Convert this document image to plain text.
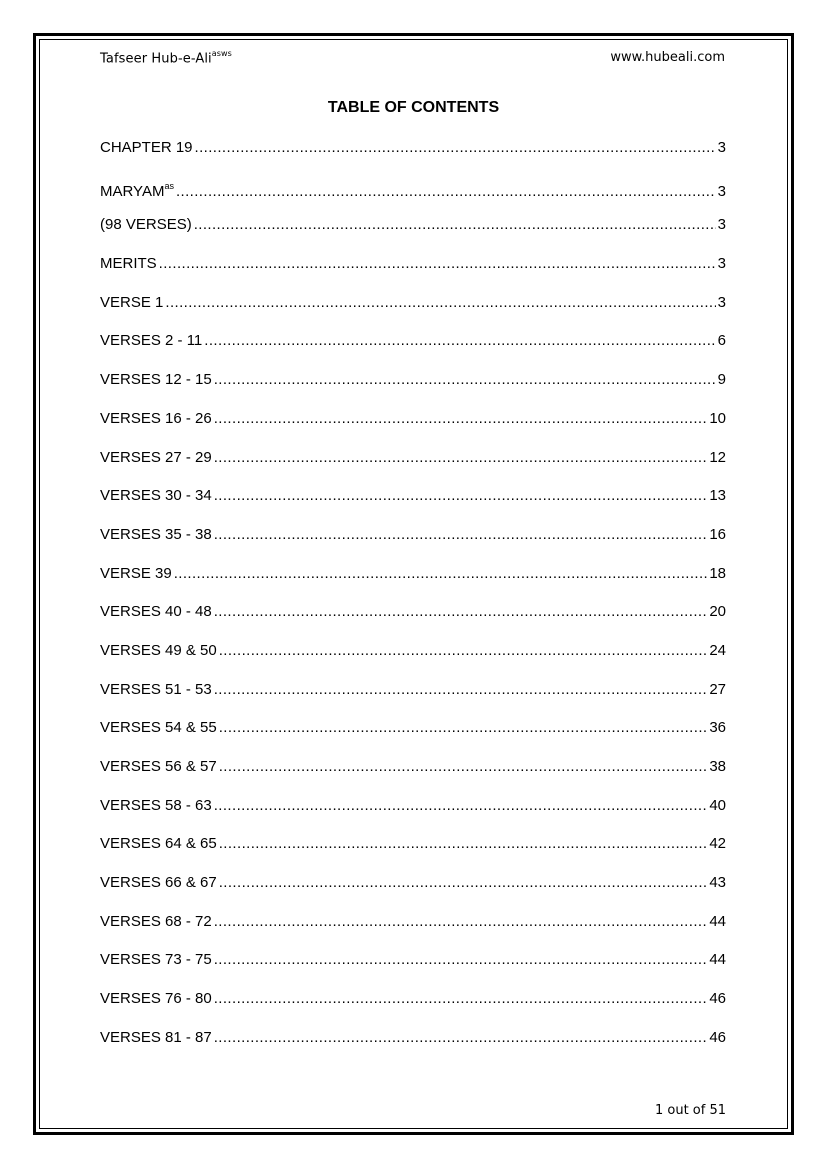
Tafseer Hub-e-Ali$^{asws}$	www.hubeali.com
TABLE OF CONTENTS
CHAPTER 19 .....	3
$MARYAM^{as}$ .....	3
(98 VERSES) .....	3
MERITS .....	3
VERSE 1 .....	3
VERSES 2 - 11 .....	6
VERSES 12 - 15 .....	9
VERSES 16 - 26 .....	10
VERSES 27 - 29 .....	12
VERSES 30 - 34 .....	13
VERSES 35 - 38 .....	16
VERSE 39 .....	18
VERSES 40 - 48 .....	20
VERSES 49 & 50 .....	24
VERSES 51 - 53 .....	27
VERSES 54 & 55 .....	36
VERSES 56 & 57 .....	38
VERSES 58 - 63 .....	40
VERSES 64 & 65 .....	42
VERSES 66 & 67 .....	43
VERSES 68 - 72 .....	44
VERSES 73 - 75 .....	44
VERSES 76 - 80 .....	46
VERSES 81 - 87 .....	46
1 out of 51
